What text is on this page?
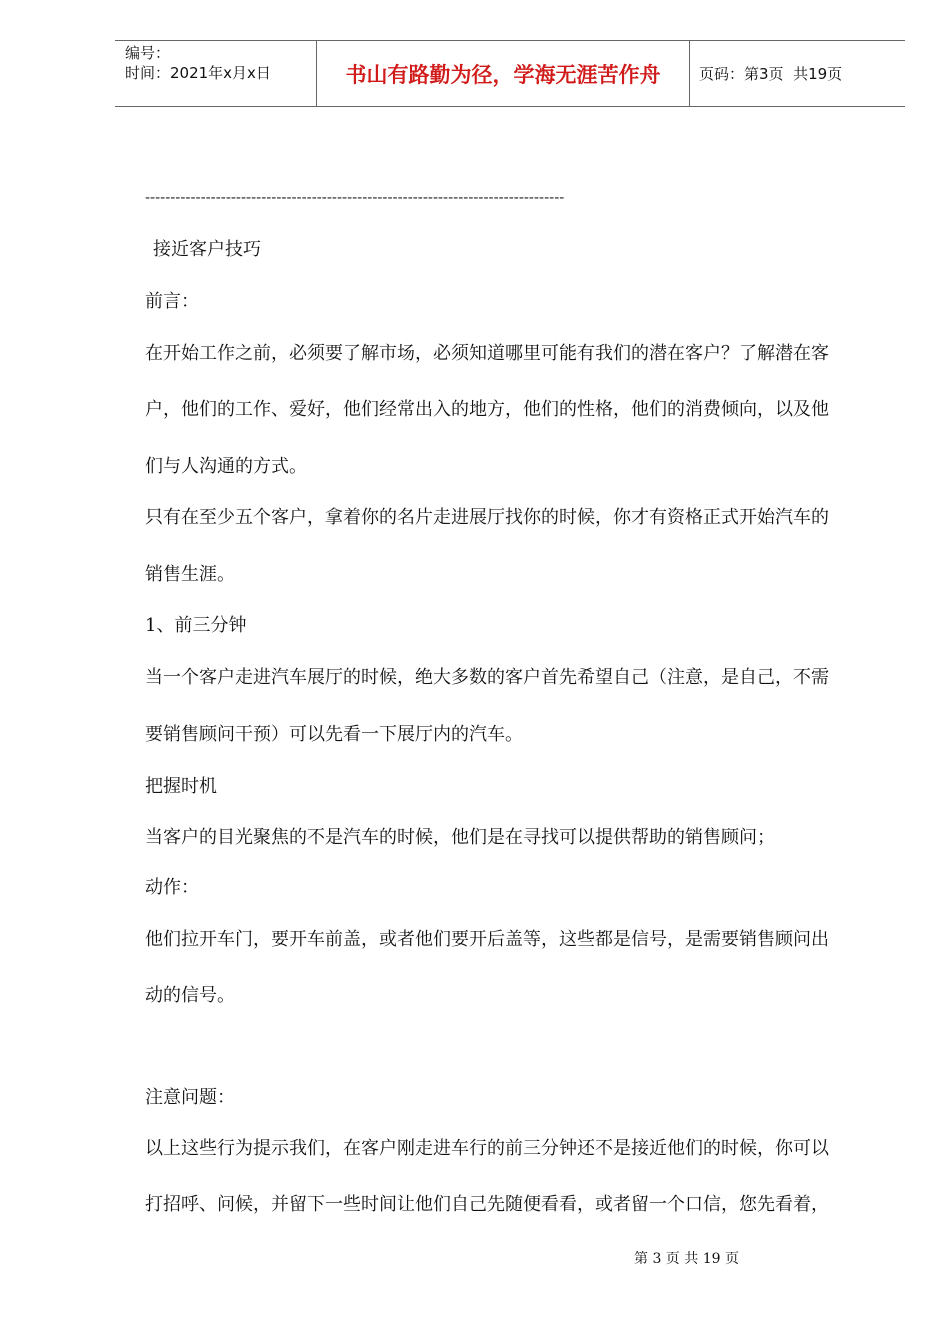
编号：
时间：2021年x月x日	书山有路勤为径，学海无涯苦作舟	页码：第3页  共19页
-----------------------------------------------------------------------------------
接近客户技巧
前言：
在开始工作之前，必须要了解市场，必须知道哪里可能有我们的潜在客户？了解潜在客
户，他们的工作、爱好，他们经常出入的地方，他们的性格，他们的消费倾向，以及他
们与人沟通的方式。
只有在至少五个客户，拿着你的名片走进展厅找你的时候，你才有资格正式开始汽车的
销售生涯。
1、前三分钟
当一个客户走进汽车展厅的时候，绝大多数的客户首先希望自己（注意，是自己，不需
要销售顾问干预）可以先看一下展厅内的汽车。
把握时机
当客户的目光聚焦的不是汽车的时候，他们是在寻找可以提供帮助的销售顾问；
动作：
他们拉开车门，要开车前盖，或者他们要开后盖等，这些都是信号，是需要销售顾问出
动的信号。
注意问题：
以上这些行为提示我们，在客户刚走进车行的前三分钟还不是接近他们的时候，你可以
打招呼、问候，并留下一些时间让他们自己先随便看看，或者留一个口信，您先看着，
第 3 页 共 19 页
